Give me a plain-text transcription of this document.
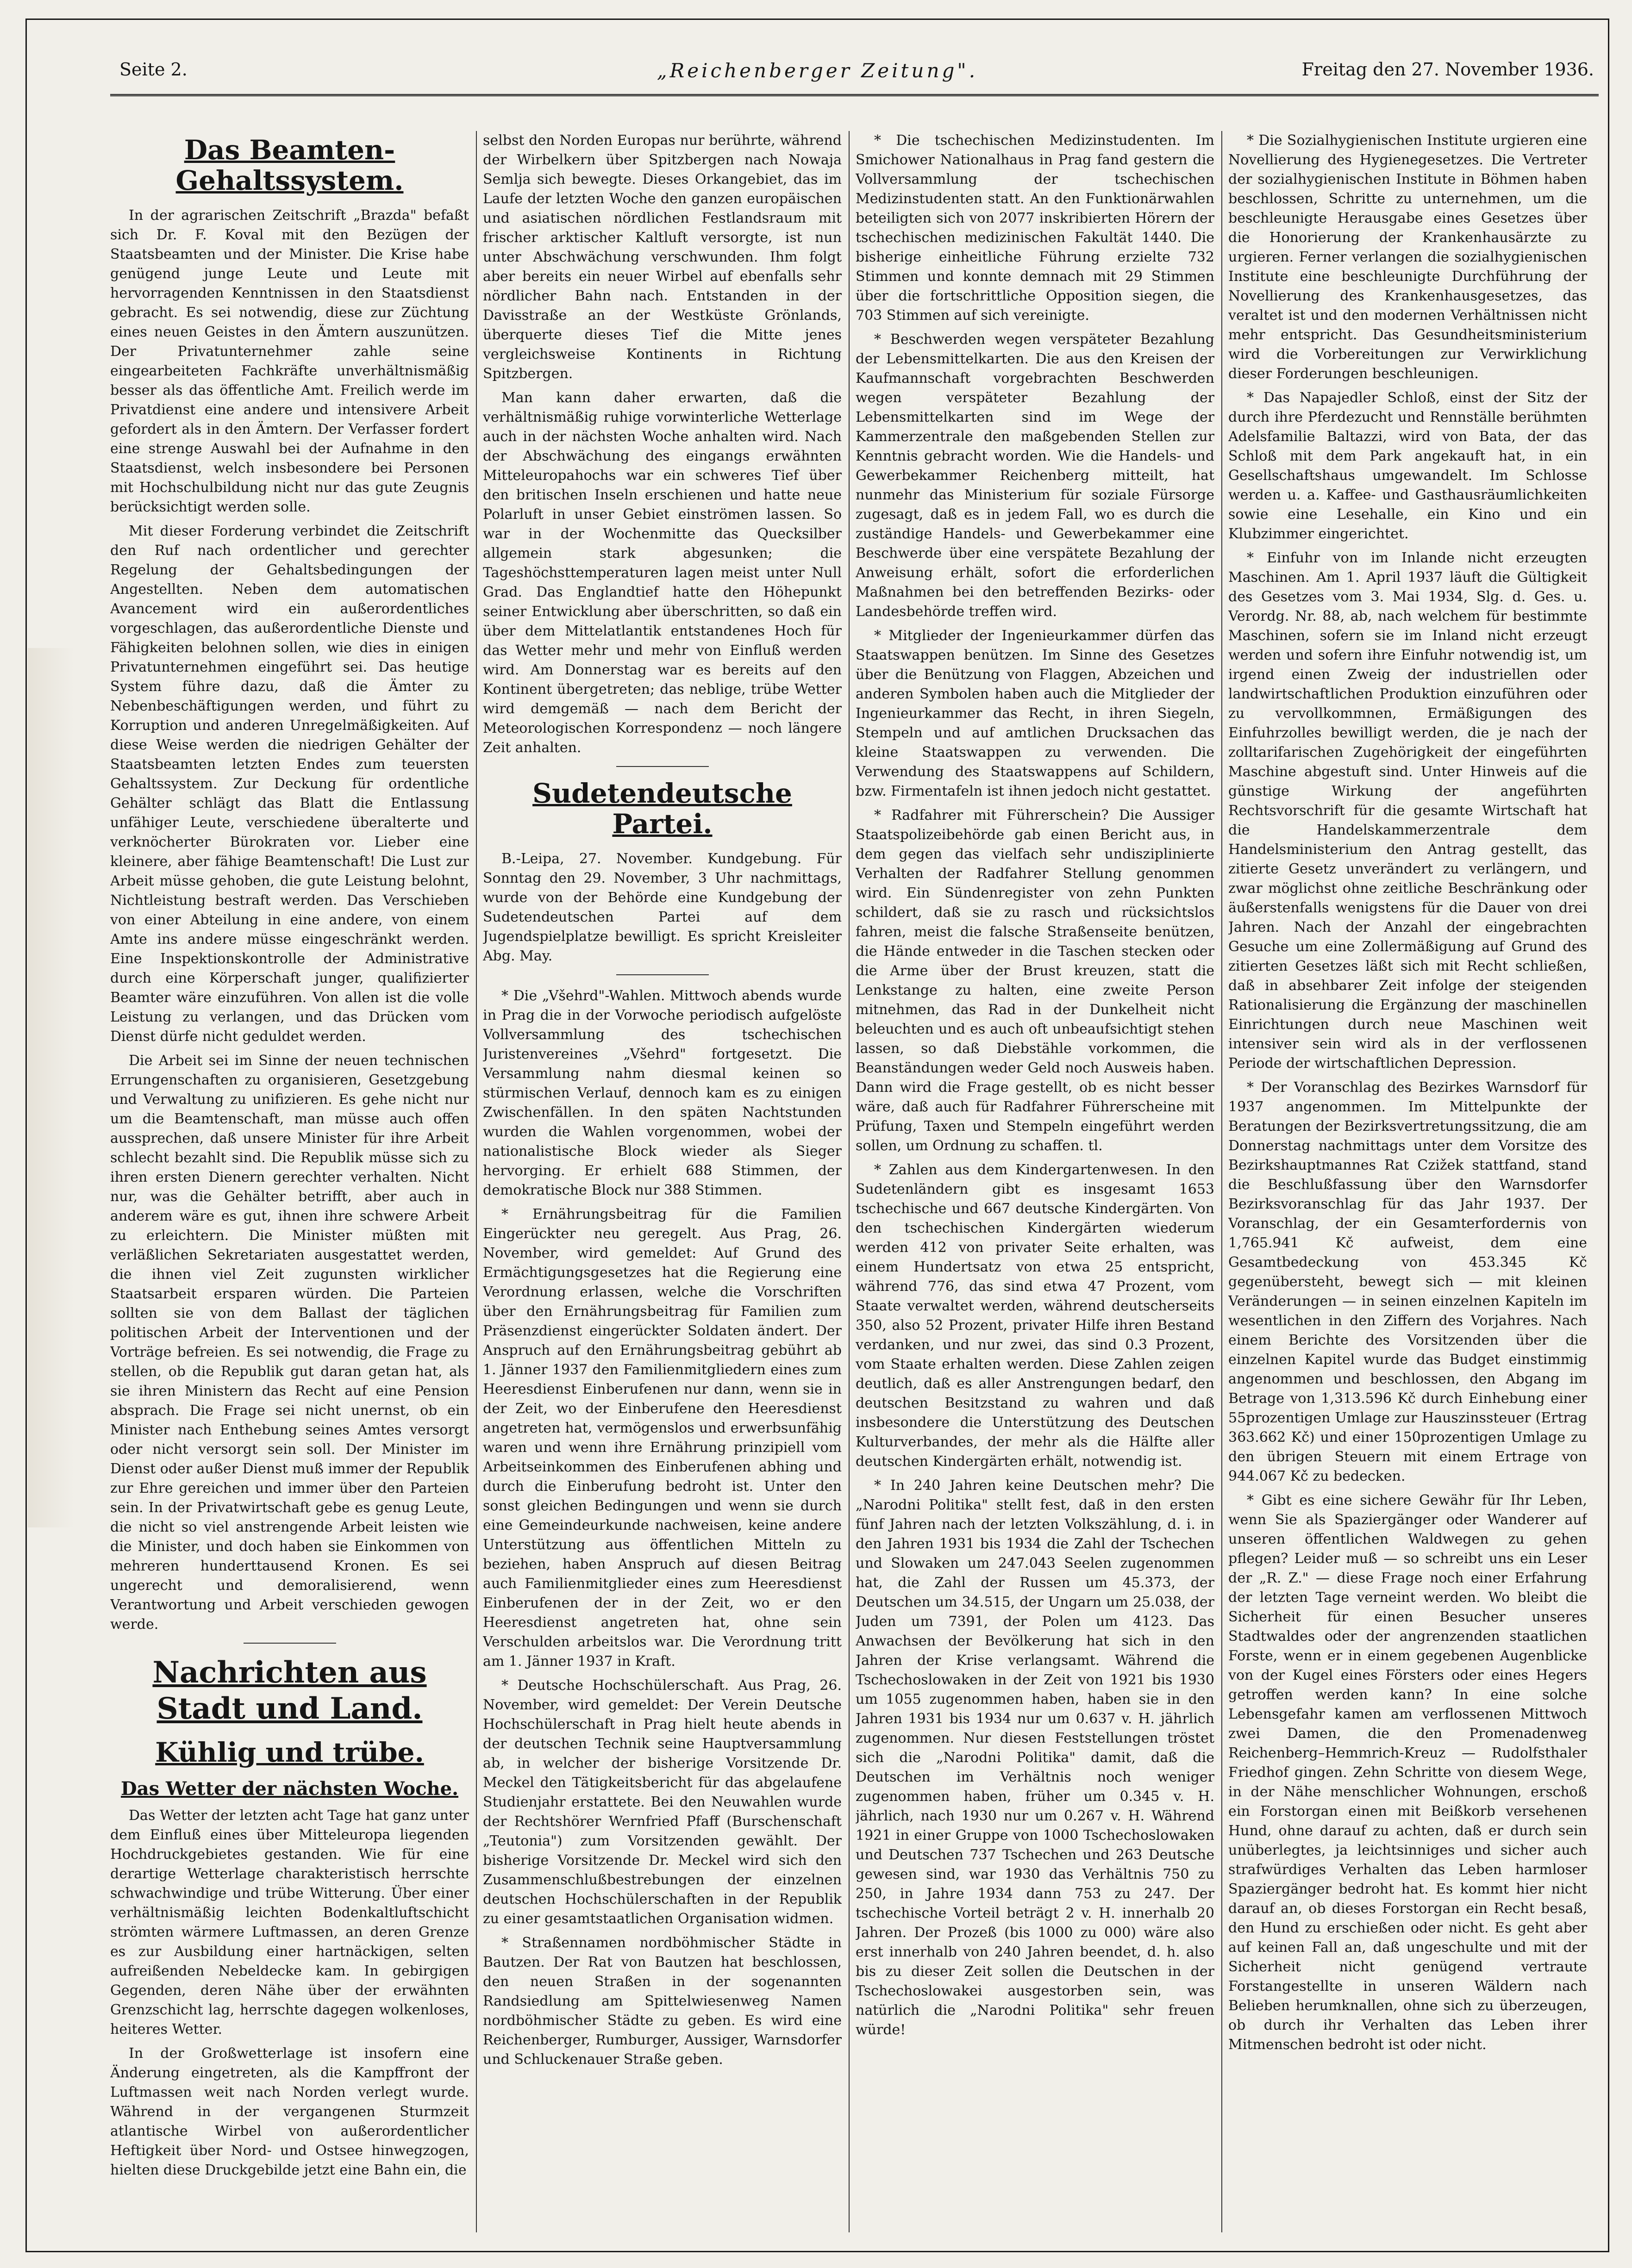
Seite 2.	„Reichenberger Zeitung".	Freitag den 27. November 1936.
Das Beamten-Gehaltssystem.

In der agrarischen Zeitschrift „Brazda" befaßt sich Dr. F. Koval mit den Bezügen der Staatsbeamten und der Minister. Die Krise habe genügend junge Leute und Leute mit hervorragenden Kenntnissen in den Staatsdienst gebracht. Es sei notwendig, diese zur Züchtung eines neuen Geistes in den Ämtern auszunützen. Der Privatunternehmer zahle seine eingearbeiteten Fachkräfte unverhältnismäßig besser als das öffentliche Amt. Freilich werde im Privatdienst eine andere und intensivere Arbeit gefordert als in den Ämtern. Der Verfasser fordert eine strenge Auswahl bei der Aufnahme in den Staatsdienst, welch insbesondere bei Personen mit Hochschulbildung nicht nur das gute Zeugnis berücksichtigt werden solle.

Mit dieser Forderung verbindet die Zeitschrift den Ruf nach ordentlicher und gerechter Regelung der Gehaltsbedingungen der Angestellten. Neben dem automatischen Avancement wird ein außerordentliches vorgeschlagen, das außerordentliche Dienste und Fähigkeiten belohnen sollen, wie dies in einigen Privatunternehmen eingeführt sei. Das heutige System führe dazu, daß die Ämter zu Nebenbeschäftigungen werden, und führt zu Korruption und anderen Unregelmäßigkeiten. Auf diese Weise werden die niedrigen Gehälter der Staatsbeamten letzten Endes zum teuersten Gehaltssystem. Zur Deckung für ordentliche Gehälter schlägt das Blatt die Entlassung unfähiger Leute, verschiedene überalterte und verknöcherter Bürokraten vor. Lieber eine kleinere, aber fähige Beamtenschaft! Die Lust zur Arbeit müsse gehoben, die gute Leistung belohnt, Nichtleistung bestraft werden. Das Verschieben von einer Abteilung in eine andere, von einem Amte ins andere müsse eingeschränkt werden. Eine Inspektionskontrolle der Administrative durch eine Körperschaft junger, qualifizierter Beamter wäre einzuführen. Von allen ist die volle Leistung zu verlangen, und das Drücken vom Dienst dürfe nicht geduldet werden.

Die Arbeit sei im Sinne der neuen technischen Errungenschaften zu organisieren, Gesetzgebung und Verwaltung zu unifizieren. Es gehe nicht nur um die Beamtenschaft, man müsse auch offen aussprechen, daß unsere Minister für ihre Arbeit schlecht bezahlt sind. Die Republik müsse sich zu ihren ersten Dienern gerechter verhalten. Nicht nur, was die Gehälter betrifft, aber auch in anderem wäre es gut, ihnen ihre schwere Arbeit zu erleichtern. Die Minister müßten mit verläßlichen Sekretariaten ausgestattet werden, die ihnen viel Zeit zugunsten wirklicher Staatsarbeit ersparen würden. Die Parteien sollten sie von dem Ballast der täglichen politischen Arbeit der Interventionen und der Vorträge befreien. Es sei notwendig, die Frage zu stellen, ob die Republik gut daran getan hat, als sie ihren Ministern das Recht auf eine Pension absprach. Die Frage sei nicht unernst, ob ein Minister nach Enthebung seines Amtes versorgt oder nicht versorgt sein soll. Der Minister im Dienst oder außer Dienst muß immer der Republik zur Ehre gereichen und immer über den Parteien sein. In der Privatwirtschaft gebe es genug Leute, die nicht so viel anstrengende Arbeit leisten wie die Minister, und doch haben sie Einkommen von mehreren hunderttausend Kronen. Es sei ungerecht und demoralisierend, wenn Verantwortung und Arbeit verschieden gewogen werde.

Nachrichten aus Stadt und Land.
Kühlig und trübe.
Das Wetter der nächsten Woche.

Das Wetter der letzten acht Tage hat ganz unter dem Einfluß eines über Mitteleuropa liegenden Hochdruckgebietes gestanden. Wie für eine derartige Wetterlage charakteristisch herrschte schwachwindige und trübe Witterung. Über einer verhältnismäßig leichten Bodenkaltluftschicht strömten wärmere Luftmassen, an deren Grenze es zur Ausbildung einer hartnäckigen, selten aufreißenden Nebeldecke kam. In gebirgigen Gegenden, deren Nähe über der erwähnten Grenzschicht lag, herrschte dagegen wolkenloses, heiteres Wetter.

In der Großwetterlage ist insofern eine Änderung eingetreten, als die Kampffront der Luftmassen weit nach Norden verlegt wurde. Während in der vergangenen Sturmzeit atlantische Wirbel von außerordentlicher Heftigkeit über Nord- und Ostsee hinwegzogen, hielten diese Druckgebilde jetzt eine Bahn ein, die

selbst den Norden Europas nur berührte, während der Wirbelkern über Spitzbergen nach Nowaja Semlja sich bewegte. Dieses Orkangebiet, das im Laufe der letzten Woche den ganzen europäischen und asiatischen nördlichen Festlandsraum mit frischer arktischer Kaltluft versorgte, ist nun unter Abschwächung verschwunden. Ihm folgt aber bereits ein neuer Wirbel auf ebenfalls sehr nördlicher Bahn nach. Entstanden in der Davisstraße an der Westküste Grönlands, überquerte dieses Tief die Mitte jenes vergleichsweise Kontinents in Richtung Spitzbergen.

Man kann daher erwarten, daß die verhältnismäßig ruhige vorwinterliche Wetterlage auch in der nächsten Woche anhalten wird. Nach der Abschwächung des eingangs erwähnten Mitteleuropahochs war ein schweres Tief über den britischen Inseln erschienen und hatte neue Polarluft in unser Gebiet einströmen lassen. So war in der Wochenmitte das Quecksilber allgemein stark abgesunken; die Tageshöchsttemperaturen lagen meist unter Null Grad. Das Englandtief hatte den Höhepunkt seiner Entwicklung aber überschritten, so daß ein über dem Mittelatlantik entstandenes Hoch für das Wetter mehr und mehr von Einfluß werden wird. Am Donnerstag war es bereits auf den Kontinent übergetreten; das neblige, trübe Wetter wird demgemäß — nach dem Bericht der Meteorologischen Korrespondenz — noch längere Zeit anhalten.

Sudetendeutsche Partei.

B.-Leipa, 27. November. Kundgebung. Für Sonntag den 29. November, 3 Uhr nachmittags, wurde von der Behörde eine Kundgebung der Sudetendeutschen Partei auf dem Jugendspielplatze bewilligt. Es spricht Kreisleiter Abg. May.

* Die „Všehrd"-Wahlen. Mittwoch abends wurde in Prag die in der Vorwoche periodisch aufgelöste Vollversammlung des tschechischen Juristenvereines „Všehrd" fortgesetzt. Die Versammlung nahm diesmal keinen so stürmischen Verlauf, dennoch kam es zu einigen Zwischenfällen. In den späten Nachtstunden wurden die Wahlen vorgenommen, wobei der nationalistische Block wieder als Sieger hervorging. Er erhielt 688 Stimmen, der demokratische Block nur 388 Stimmen.

* Ernährungsbeitrag für die Familien Eingerückter neu geregelt. Aus Prag, 26. November, wird gemeldet: Auf Grund des Ermächtigungsgesetzes hat die Regierung eine Verordnung erlassen, welche die Vorschriften über den Ernährungsbeitrag für Familien zum Präsenzdienst eingerückter Soldaten ändert. Der Anspruch auf den Ernährungsbeitrag gebührt ab 1. Jänner 1937 den Familienmitgliedern eines zum Heeresdienst Einberufenen nur dann, wenn sie in der Zeit, wo der Einberufene den Heeresdienst angetreten hat, vermögenslos und erwerbsunfähig waren und wenn ihre Ernährung prinzipiell vom Arbeitseinkommen des Einberufenen abhing und durch die Einberufung bedroht ist. Unter den sonst gleichen Bedingungen und wenn sie durch eine Gemeindeurkunde nachweisen, keine andere Unterstützung aus öffentlichen Mitteln zu beziehen, haben Anspruch auf diesen Beitrag auch Familienmitglieder eines zum Heeresdienst Einberufenen der in der Zeit, wo er den Heeresdienst angetreten hat, ohne sein Verschulden arbeitslos war. Die Verordnung tritt am 1. Jänner 1937 in Kraft.

* Deutsche Hochschülerschaft. Aus Prag, 26. November, wird gemeldet: Der Verein Deutsche Hochschülerschaft in Prag hielt heute abends in der deutschen Technik seine Hauptversammlung ab, in welcher der bisherige Vorsitzende Dr. Meckel den Tätigkeitsbericht für das abgelaufene Studienjahr erstattete. Bei den Neuwahlen wurde der Rechtshörer Wernfried Pfaff (Burschenschaft „Teutonia") zum Vorsitzenden gewählt. Der bisherige Vorsitzende Dr. Meckel wird sich den Zusammenschlußbestrebungen der einzelnen deutschen Hochschülerschaften in der Republik zu einer gesamtstaatlichen Organisation widmen.

* Straßennamen nordböhmischer Städte in Bautzen. Der Rat von Bautzen hat beschlossen, den neuen Straßen in der sogenannten Randsiedlung am Spittelwiesenweg Namen nordböhmischer Städte zu geben. Es wird eine Reichenberger, Rumburger, Aussiger, Warnsdorfer und Schluckenauer Straße geben.

* Die tschechischen Medizinstudenten. Im Smichower Nationalhaus in Prag fand gestern die Vollversammlung der tschechischen Medizinstudenten statt. An den Funktionärwahlen beteiligten sich von 2077 inskribierten Hörern der tschechischen medizinischen Fakultät 1440. Die bisherige einheitliche Führung erzielte 732 Stimmen und konnte demnach mit 29 Stimmen über die fortschrittliche Opposition siegen, die 703 Stimmen auf sich vereinigte.

* Beschwerden wegen verspäteter Bezahlung der Lebensmittelkarten. Die aus den Kreisen der Kaufmannschaft vorgebrachten Beschwerden wegen verspäteter Bezahlung der Lebensmittelkarten sind im Wege der Kammerzentrale den maßgebenden Stellen zur Kenntnis gebracht worden. Wie die Handels- und Gewerbekammer Reichenberg mitteilt, hat nunmehr das Ministerium für soziale Fürsorge zugesagt, daß es in jedem Fall, wo es durch die zuständige Handels- und Gewerbekammer eine Beschwerde über eine verspätete Bezahlung der Anweisung erhält, sofort die erforderlichen Maßnahmen bei den betreffenden Bezirks- oder Landesbehörde treffen wird.

* Mitglieder der Ingenieurkammer dürfen das Staatswappen benützen. Im Sinne des Gesetzes über die Benützung von Flaggen, Abzeichen und anderen Symbolen haben auch die Mitglieder der Ingenieurkammer das Recht, in ihren Siegeln, Stempeln und auf amtlichen Drucksachen das kleine Staatswappen zu verwenden. Die Verwendung des Staatswappens auf Schildern, bzw. Firmentafeln ist ihnen jedoch nicht gestattet.

* Radfahrer mit Führerschein? Die Aussiger Staatspolizeibehörde gab einen Bericht aus, in dem gegen das vielfach sehr undisziplinierte Verhalten der Radfahrer Stellung genommen wird. Ein Sündenregister von zehn Punkten schildert, daß sie zu rasch und rücksichtslos fahren, meist die falsche Straßenseite benützen, die Hände entweder in die Taschen stecken oder die Arme über der Brust kreuzen, statt die Lenkstange zu halten, eine zweite Person mitnehmen, das Rad in der Dunkelheit nicht beleuchten und es auch oft unbeaufsichtigt stehen lassen, so daß Diebstähle vorkommen, die Beanständungen weder Geld noch Ausweis haben. Dann wird die Frage gestellt, ob es nicht besser wäre, daß auch für Radfahrer Führerscheine mit Prüfung, Taxen und Stempeln eingeführt werden sollen, um Ordnung zu schaffen. tl.

* Zahlen aus dem Kindergartenwesen. In den Sudetenländern gibt es insgesamt 1653 tschechische und 667 deutsche Kindergärten. Von den tschechischen Kindergärten wiederum werden 412 von privater Seite erhalten, was einem Hundertsatz von etwa 25 entspricht, während 776, das sind etwa 47 Prozent, vom Staate verwaltet werden, während deutscherseits 350, also 52 Prozent, privater Hilfe ihren Bestand verdanken, und nur zwei, das sind 0.3 Prozent, vom Staate erhalten werden. Diese Zahlen zeigen deutlich, daß es aller Anstrengungen bedarf, den deutschen Besitzstand zu wahren und daß insbesondere die Unterstützung des Deutschen Kulturverbandes, der mehr als die Hälfte aller deutschen Kindergärten erhält, notwendig ist.

* In 240 Jahren keine Deutschen mehr? Die „Narodni Politika" stellt fest, daß in den ersten fünf Jahren nach der letzten Volkszählung, d. i. in den Jahren 1931 bis 1934 die Zahl der Tschechen und Slowaken um 247.043 Seelen zugenommen hat, die Zahl der Russen um 45.373, der Deutschen um 34.515, der Ungarn um 25.038, der Juden um 7391, der Polen um 4123. Das Anwachsen der Bevölkerung hat sich in den Jahren der Krise verlangsamt. Während die Tschechoslowaken in der Zeit von 1921 bis 1930 um 1055 zugenommen haben, haben sie in den Jahren 1931 bis 1934 nur um 0.637 v. H. jährlich zugenommen. Nur diesen Feststellungen tröstet sich die „Narodni Politika" damit, daß die Deutschen im Verhältnis noch weniger zugenommen haben, früher um 0.345 v. H. jährlich, nach 1930 nur um 0.267 v. H. Während 1921 in einer Gruppe von 1000 Tschechoslowaken und Deutschen 737 Tschechen und 263 Deutsche gewesen sind, war 1930 das Verhältnis 750 zu 250, in Jahre 1934 dann 753 zu 247. Der tschechische Vorteil beträgt 2 v. H. innerhalb 20 Jahren. Der Prozeß (bis 1000 zu 000) wäre also erst innerhalb von 240 Jahren beendet, d. h. also bis zu dieser Zeit sollen die Deutschen in der Tschechoslowakei ausgestorben sein, was natürlich die „Narodni Politika" sehr freuen würde!

* Die Sozialhygienischen Institute urgieren eine Novellierung des Hygienegesetzes. Die Vertreter der sozialhygienischen Institute in Böhmen haben beschlossen, Schritte zu unternehmen, um die beschleunigte Herausgabe eines Gesetzes über die Honorierung der Krankenhausärzte zu urgieren. Ferner verlangen die sozialhygienischen Institute eine beschleunigte Durchführung der Novellierung des Krankenhausgesetzes, das veraltet ist und den modernen Verhältnissen nicht mehr entspricht. Das Gesundheitsministerium wird die Vorbereitungen zur Verwirklichung dieser Forderungen beschleunigen.

* Das Napajedler Schloß, einst der Sitz der durch ihre Pferdezucht und Rennställe berühmten Adelsfamilie Baltazzi, wird von Bata, der das Schloß mit dem Park angekauft hat, in ein Gesellschaftshaus umgewandelt. Im Schlosse werden u. a. Kaffee- und Gasthausräumlichkeiten sowie eine Lesehalle, ein Kino und ein Klubzimmer eingerichtet.

* Einfuhr von im Inlande nicht erzeugten Maschinen. Am 1. April 1937 läuft die Gültigkeit des Gesetzes vom 3. Mai 1934, Slg. d. Ges. u. Verordg. Nr. 88, ab, nach welchem für bestimmte Maschinen, sofern sie im Inland nicht erzeugt werden und sofern ihre Einfuhr notwendig ist, um irgend einen Zweig der industriellen oder landwirtschaftlichen Produktion einzuführen oder zu vervollkommnen, Ermäßigungen des Einfuhrzolles bewilligt werden, die je nach der zolltarifarischen Zugehörigkeit der eingeführten Maschine abgestuft sind. Unter Hinweis auf die günstige Wirkung der angeführten Rechtsvorschrift für die gesamte Wirtschaft hat die Handelskammerzentrale dem Handelsministerium den Antrag gestellt, das zitierte Gesetz unverändert zu verlängern, und zwar möglichst ohne zeitliche Beschränkung oder äußerstenfalls wenigstens für die Dauer von drei Jahren. Nach der Anzahl der eingebrachten Gesuche um eine Zollermäßigung auf Grund des zitierten Gesetzes läßt sich mit Recht schließen, daß in absehbarer Zeit infolge der steigenden Rationalisierung die Ergänzung der maschinellen Einrichtungen durch neue Maschinen weit intensiver sein wird als in der verflossenen Periode der wirtschaftlichen Depression.

* Der Voranschlag des Bezirkes Warnsdorf für 1937 angenommen. Im Mittelpunkte der Beratungen der Bezirksvertretungssitzung, die am Donnerstag nachmittags unter dem Vorsitze des Bezirkshauptmannes Rat Czižek stattfand, stand die Beschlußfassung über den Warnsdorfer Bezirksvoranschlag für das Jahr 1937. Der Voranschlag, der ein Gesamterfordernis von 1,765.941 Kč aufweist, dem eine Gesamtbedeckung von 453.345 Kč gegenübersteht, bewegt sich — mit kleinen Veränderungen — in seinen einzelnen Kapiteln im wesentlichen in den Ziffern des Vorjahres. Nach einem Berichte des Vorsitzenden über die einzelnen Kapitel wurde das Budget einstimmig angenommen und beschlossen, den Abgang im Betrage von 1,313.596 Kč durch Einhebung einer 55prozentigen Umlage zur Hauszinssteuer (Ertrag 363.662 Kč) und einer 150prozentigen Umlage zu den übrigen Steuern mit einem Ertrage von 944.067 Kč zu bedecken.

* Gibt es eine sichere Gewähr für Ihr Leben, wenn Sie als Spaziergänger oder Wanderer auf unseren öffentlichen Waldwegen zu gehen pflegen? Leider muß — so schreibt uns ein Leser der „R. Z." — diese Frage noch einer Erfahrung der letzten Tage verneint werden. Wo bleibt die Sicherheit für einen Besucher unseres Stadtwaldes oder der angrenzenden staatlichen Forste, wenn er in einem gegebenen Augenblicke von der Kugel eines Försters oder eines Hegers getroffen werden kann? In eine solche Lebensgefahr kamen am verflossenen Mittwoch zwei Damen, die den Promenadenweg Reichenberg–Hemmrich-Kreuz — Rudolfsthaler Friedhof gingen. Zehn Schritte von diesem Wege, in der Nähe menschlicher Wohnungen, erschoß ein Forstorgan einen mit Beißkorb versehenen Hund, ohne darauf zu achten, daß er durch sein unüberlegtes, ja leichtsinniges und sicher auch strafwürdiges Verhalten das Leben harmloser Spaziergänger bedroht hat. Es kommt hier nicht darauf an, ob dieses Forstorgan ein Recht besaß, den Hund zu erschießen oder nicht. Es geht aber auf keinen Fall an, daß ungeschulte und mit der Sicherheit nicht genügend vertraute Forstangestellte in unseren Wäldern nach Belieben herumknallen, ohne sich zu überzeugen, ob durch ihr Verhalten das Leben ihrer Mitmenschen bedroht ist oder nicht.
